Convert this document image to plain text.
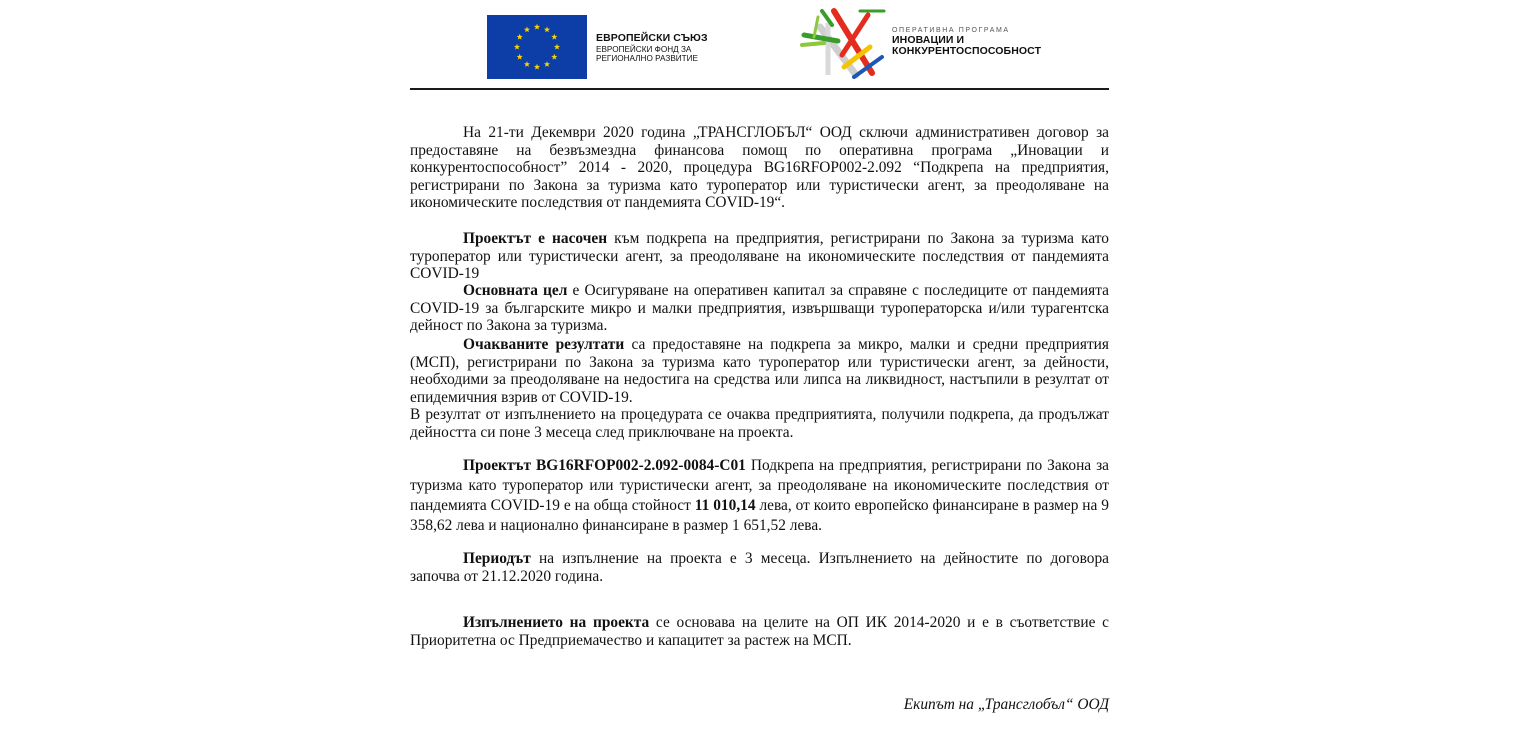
ЕВРОПЕЙСКИ СЪЮЗ
ЕВРОПЕЙСКИ ФОНД ЗА
РЕГИОНАЛНО РАЗВИТИЕ
ОПЕРАТИВНА ПРОГРАМА
ИНОВАЦИИ И
КОНКУРЕНТОСПОСОБНОСТ

На 21-ти Декември 2020 година „ТРАНСГЛОБЪЛ“ ООД сключи административен договор за предоставяне на безвъзмездна финансова помощ по оперативна програма „Иновации и конкурентоспособност” 2014 - 2020, процедура BG16RFOP002-2.092 “Подкрепа на предприятия, регистрирани по Закона за туризма като туроператор или туристически агент, за преодоляване на икономическите последствия от пандемията COVID-19“.

Проектът е насочен към подкрепа на предприятия, регистрирани по Закона за туризма като туроператор или туристически агент, за преодоляване на икономическите последствия от пандемията COVID-19

Основната цел е Осигуряване на оперативен капитал за справяне с последиците от пандемията COVID-19 за българските микро и малки предприятия, извършващи туроператорска и/или турагентска дейност по Закона за туризма.

Очакваните резултати са предоставяне на подкрепа за микро, малки и средни предприятия (МСП), регистрирани по Закона за туризма като туроператор или туристически агент, за дейности, необходими за преодоляване на недостига на средства или липса на ликвидност, настъпили в резултат от епидемичния взрив от COVID-19.

В резултат от изпълнението на процедурата се очаква предприятията, получили подкрепа, да продължат дейността си поне 3 месеца след приключване на проекта.

Проектът BG16RFOP002-2.092-0084-C01 Подкрепа на предприятия, регистрирани по Закона за туризма като туроператор или туристически агент, за преодоляване на икономическите последствия от пандемията COVID-19 е на обща стойност 11 010,14 лева, от които европейско финансиране в размер на 9 358,62 лева и национално финансиране в размер 1 651,52 лева.

Периодът на изпълнение на проекта е 3 месеца. Изпълнението на дейностите по договора започва от 21.12.2020 година.

Изпълнението на проекта се основава на целите на ОП ИК 2014-2020 и е в съответствие с Приоритетна ос Предприемачество и капацитет за растеж на МСП.

Екипът на „Трансглобъл“ ООД
